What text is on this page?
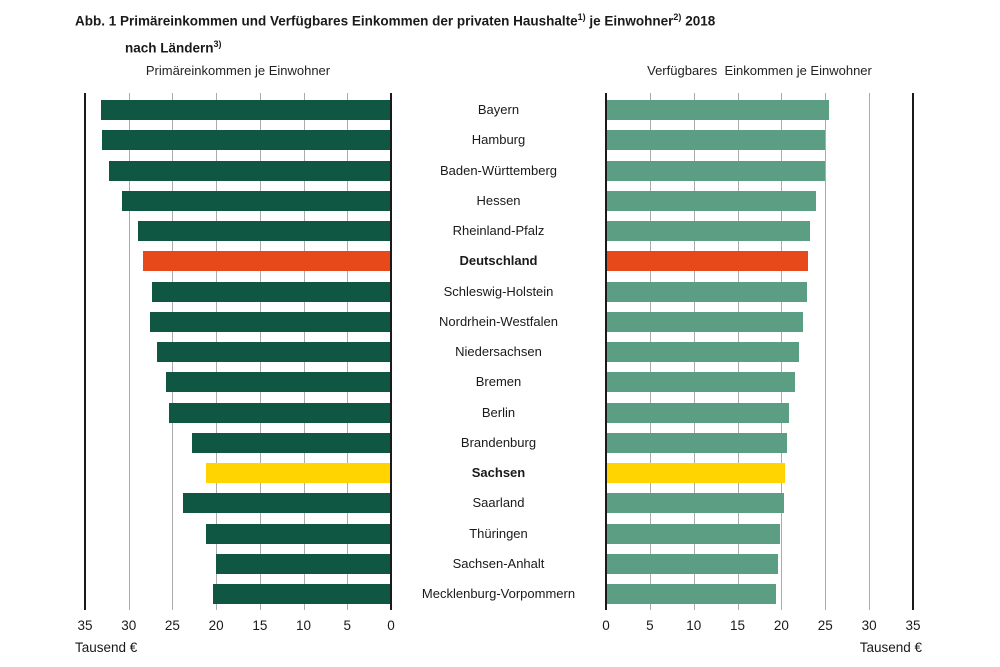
Abb. 1 Primäreinkommen und Verfügbares Einkommen der privaten Haushalte$^{1)}$ je Einwohner$^{2)}$ 2018
nach Ländern$^{3)}$
Primäreinkommen je Einwohner	Verfügbares  Einkommen je Einwohner
Bayern
Hamburg
Baden-Württemberg
Hessen
Rheinland-Pfalz
Deutschland
Schleswig-Holstein
Nordrhein-Westfalen
Niedersachsen
Bremen
Berlin
Brandenburg
Sachsen
Saarland
Thüringen
Sachsen-Anhalt
Mecklenburg-Vorpommern
35	30	25	20	15	10	5	0	0	5	10	15	20	25	30	35
Tausend €	Tausend €
